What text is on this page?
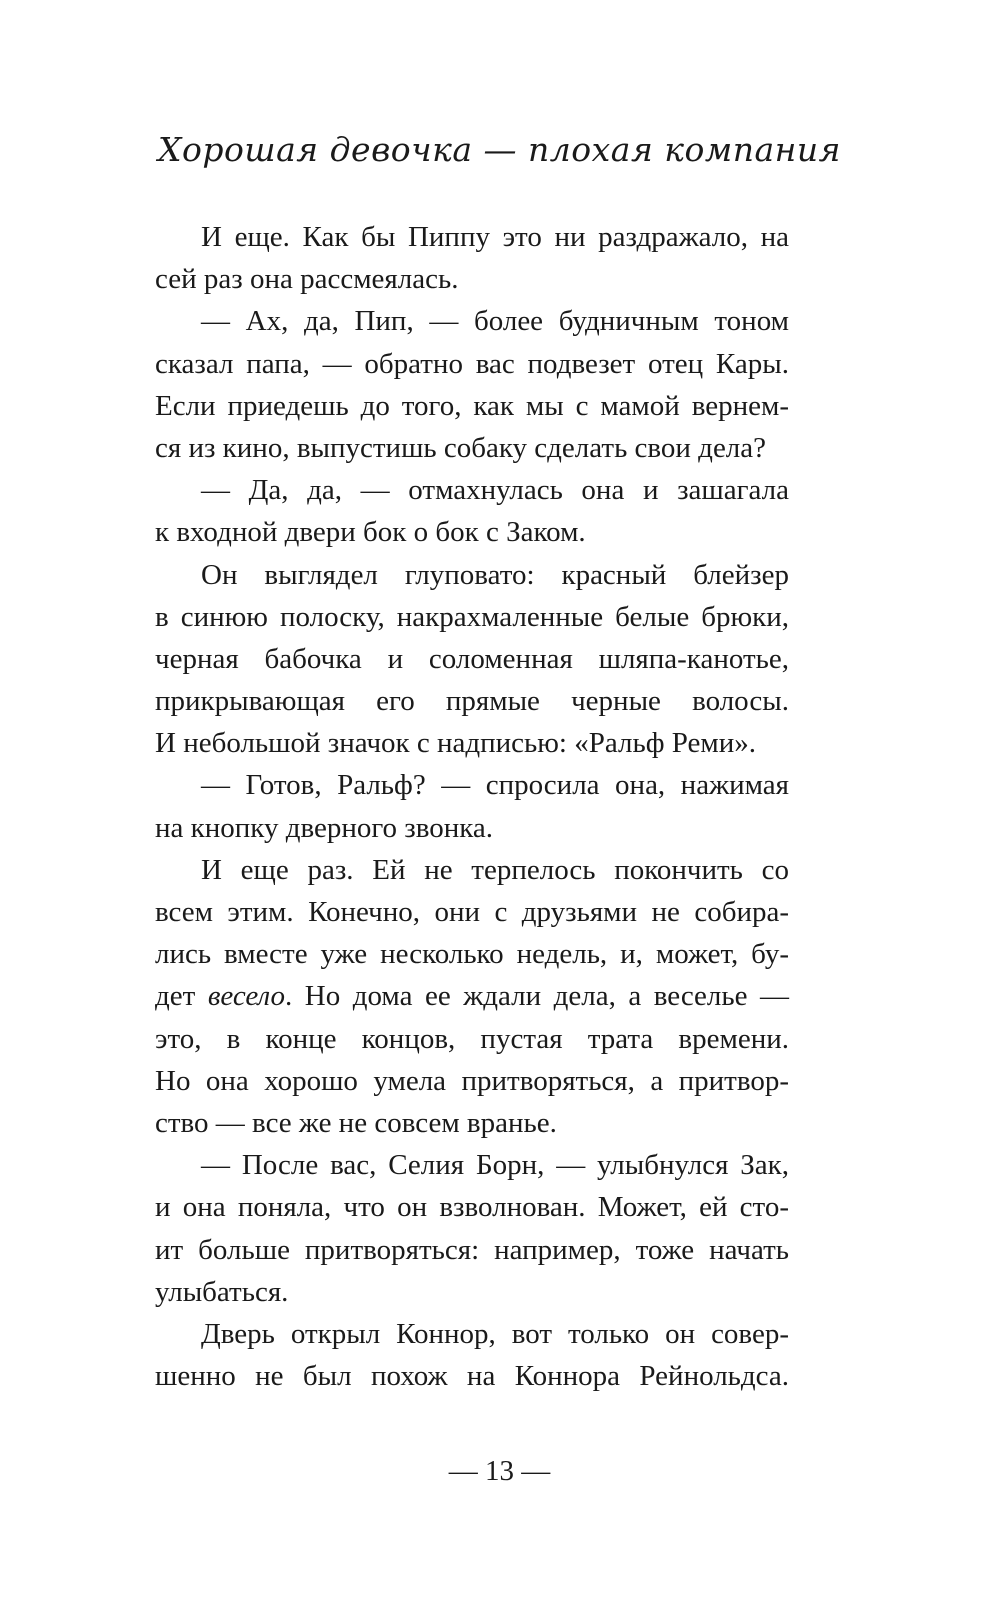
Хорошая девочка — плохая компания
И еще. Как бы Пиппу это ни раздражало, на
сей раз она рассмеялась.
— Ах, да, Пип, — более будничным тоном
сказал папа, — обратно вас подвезет отец Кары.
Если приедешь до того, как мы с мамой вернем-
ся из кино, выпустишь собаку сделать свои дела?
— Да, да, — отмахнулась она и зашагала
к входной двери бок о бок с Заком.
Он выглядел глуповато: красный блейзер
в синюю полоску, накрахмаленные белые брюки,
черная бабочка и соломенная шляпа-канотье,
прикрывающая его прямые черные волосы.
И небольшой значок с надписью: «Ральф Реми».
— Готов, Ральф? — спросила она, нажимая
на кнопку дверного звонка.
И еще раз. Ей не терпелось покончить со
всем этим. Конечно, они с друзьями не собира-
лись вместе уже несколько недель, и, может, бу-
дет весело. Но дома ее ждали дела, а веселье —
это, в конце концов, пустая трата времени.
Но она хорошо умела притворяться, а притвор-
ство — все же не совсем вранье.
— После вас, Селия Борн, — улыбнулся Зак,
и она поняла, что он взволнован. Может, ей сто-
ит больше притворяться: например, тоже начать
улыбаться.
Дверь открыл Коннор, вот только он совер-
шенно не был похож на Коннора Рейнольдса.
— 13 —
